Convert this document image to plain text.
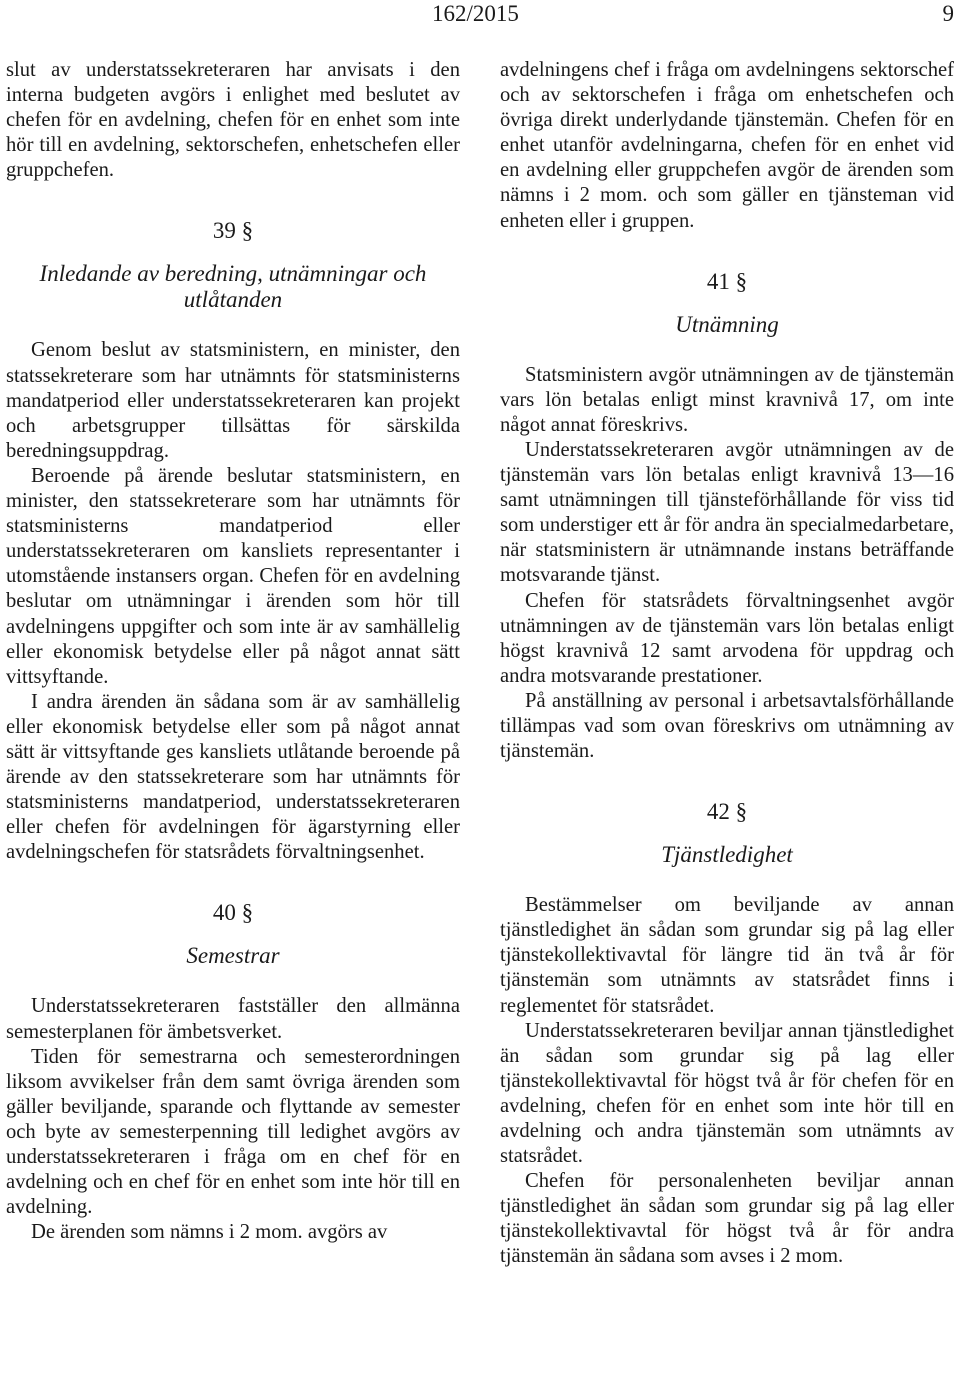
162/2015	9

slut av understatssekreteraren har anvisats i den interna budgeten avgörs i enlighet med beslutet av chefen för en avdelning, chefen för en enhet som inte hör till en avdelning, sektorschefen, enhetschefen eller gruppchefen.

39 §
Inledande av beredning, utnämningar och utlåtanden

Genom beslut av statsministern, en minister, den statssekreterare som har utnämnts för statsministerns mandatperiod eller understatssekreteraren kan projekt och arbetsgrupper tillsättas för särskilda beredningsuppdrag.

Beroende på ärende beslutar statsministern, en minister, den statssekreterare som har utnämnts för statsministerns mandatperiod eller understatssekreteraren om kansliets representanter i utomstående instansers organ. Chefen för en avdelning beslutar om utnämningar i ärenden som hör till avdelningens uppgifter och som inte är av samhällelig eller ekonomisk betydelse eller på något annat sätt vittsyftande.

I andra ärenden än sådana som är av samhällelig eller ekonomisk betydelse eller som på något annat sätt är vittsyftande ges kansliets utlåtande beroende på ärende av den statssekreterare som har utnämnts för statsministerns mandatperiod, understatssekreteraren eller chefen för avdelningen för ägarstyrning eller avdelningschefen för statsrådets förvaltningsenhet.

40 §
Semestrar

Understatssekreteraren fastställer den allmänna semesterplanen för ämbetsverket.

Tiden för semestrarna och semesterordningen liksom avvikelser från dem samt övriga ärenden som gäller beviljande, sparande och flyttande av semester och byte av semesterpenning till ledighet avgörs av understatssekreteraren i fråga om en chef för en avdelning och en chef för en enhet som inte hör till en avdelning.

De ärenden som nämns i 2 mom. avgörs av

avdelningens chef i fråga om avdelningens sektorschef och av sektorschefen i fråga om enhetschefen och övriga direkt underlydande tjänstemän. Chefen för en enhet utanför avdelningarna, chefen för en enhet vid en avdelning eller gruppchefen avgör de ärenden som nämns i 2 mom. och som gäller en tjänsteman vid enheten eller i gruppen.

41 §
Utnämning

Statsministern avgör utnämningen av de tjänstemän vars lön betalas enligt minst kravnivå 17, om inte något annat föreskrivs.

Understatssekreteraren avgör utnämningen av de tjänstemän vars lön betalas enligt kravnivå 13—16 samt utnämningen till tjänsteförhållande för viss tid som understiger ett år för andra än specialmedarbetare, när statsministern är utnämnande instans beträffande motsvarande tjänst.

Chefen för statsrådets förvaltningsenhet avgör utnämningen av de tjänstemän vars lön betalas enligt högst kravnivå 12 samt arvodena för uppdrag och andra motsvarande prestationer.

På anställning av personal i arbetsavtalsförhållande tillämpas vad som ovan föreskrivs om utnämning av tjänstemän.

42 §
Tjänstledighet

Bestämmelser om beviljande av annan tjänstledighet än sådan som grundar sig på lag eller tjänstekollektivavtal för längre tid än två år för tjänstemän som utnämnts av statsrådet finns i reglementet för statsrådet.

Understatssekreteraren beviljar annan tjänstledighet än sådan som grundar sig på lag eller tjänstekollektivavtal för högst två år för chefen för en avdelning, chefen för en enhet som inte hör till en avdelning och andra tjänstemän som utnämnts av statsrådet.

Chefen för personalenheten beviljar annan tjänstledighet än sådan som grundar sig på lag eller tjänstekollektivavtal för högst två år för andra tjänstemän än sådana som avses i 2 mom.
